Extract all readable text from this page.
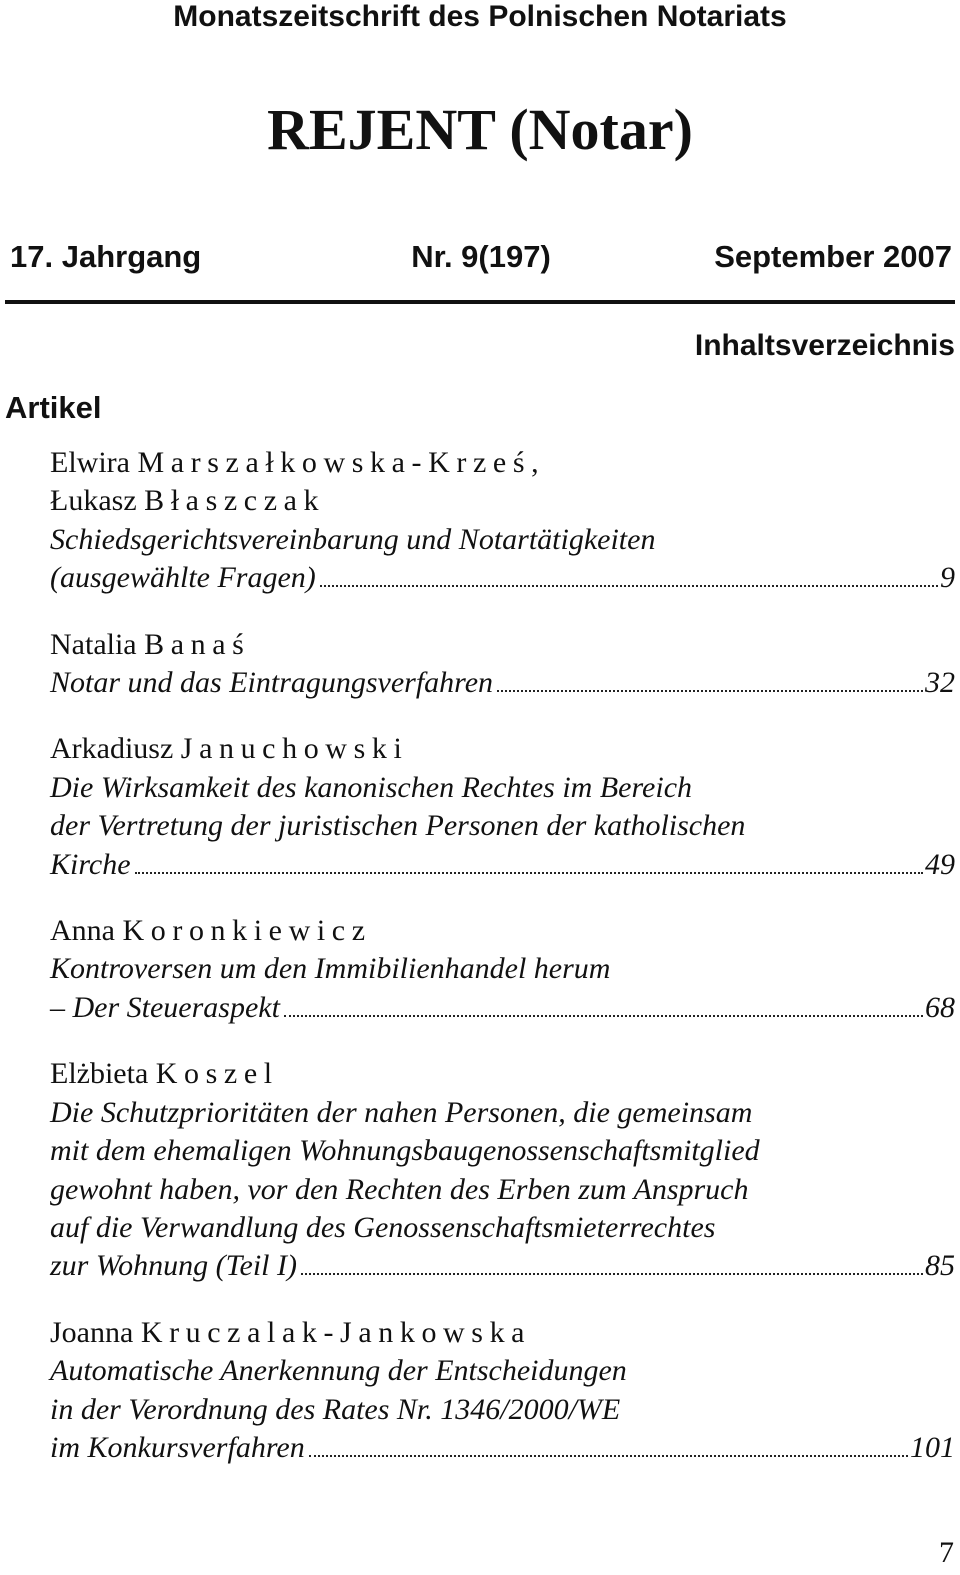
Monatszeitschrift des Polnischen Notariats
REJENT (Notar)
17. Jahrgang	Nr. 9(197)	September 2007
Inhaltsverzeichnis
Artikel
Elwira Marszałkowska-Krześ,
Łukasz Błaszczak
Schiedsgerichtsvereinbarung und Notartätigkeiten
(ausgewählte Fragen)	9
Natalia Banaś
Notar und das Eintragungsverfahren	32
Arkadiusz Januchowski
Die Wirksamkeit des kanonischen Rechtes im Bereich
der Vertretung der juristischen Personen der katholischen
Kirche	49
Anna Koronkiewicz
Kontroversen um den Immibilienhandel herum
– Der Steueraspekt	68
Elżbieta Koszel
Die Schutzprioritäten der nahen Personen, die gemeinsam
mit dem ehemaligen Wohnungsbaugenossenschaftsmitglied
gewohnt haben, vor den Rechten des Erben zum Anspruch
auf die Verwandlung des Genossenschaftsmieterrechtes
zur Wohnung (Teil I)	85
Joanna Kruczalak-Jankowska
Automatische Anerkennung der Entscheidungen
in der Verordnung des Rates Nr. 1346/2000/WE
im Konkursverfahren	101
7
